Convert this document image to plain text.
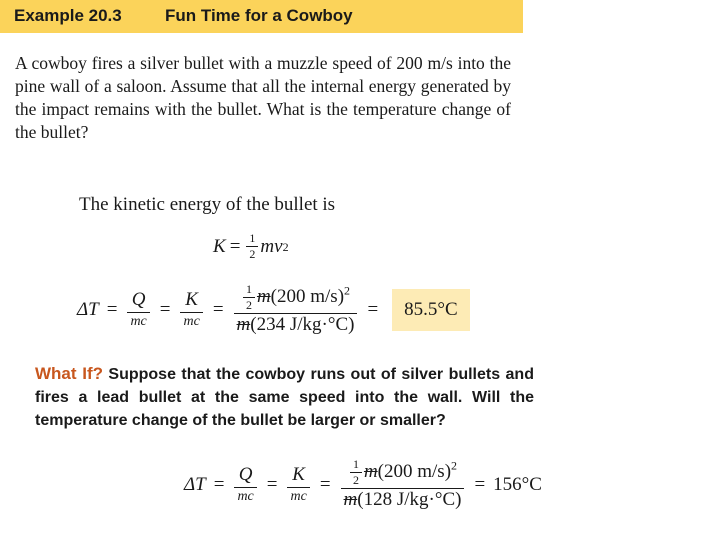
Example 20.3	Fun Time for a Cowboy

A cowboy fires a silver bullet with a muzzle speed of 200 m/s into the pine wall of a saloon. Assume that all the internal energy generated by the impact remains with the bullet. What is the temperature change of the bullet?

The kinetic energy of the bullet is

$K = \frac{1}{2}$ mv 2
$\Delta T = \frac{Q}{mc} = \frac{K}{mc} = \frac{\frac{1}{2} m(200 m/s)^2}{m(234 J/kg\cdot^\circ C)}$ =	85.5°C

What If? Suppose that the cowboy runs out of silver bullets and fires a lead bullet at the same speed into the wall. Will the temperature change of the bullet be larger or smaller?

$\Delta T = \frac{Q}{mc} = \frac{K}{mc} = \frac{\frac{1}{2} m(200 m/s)^2}{m(128 J/kg\cdot^\circ C)} = 156^\circ C$
